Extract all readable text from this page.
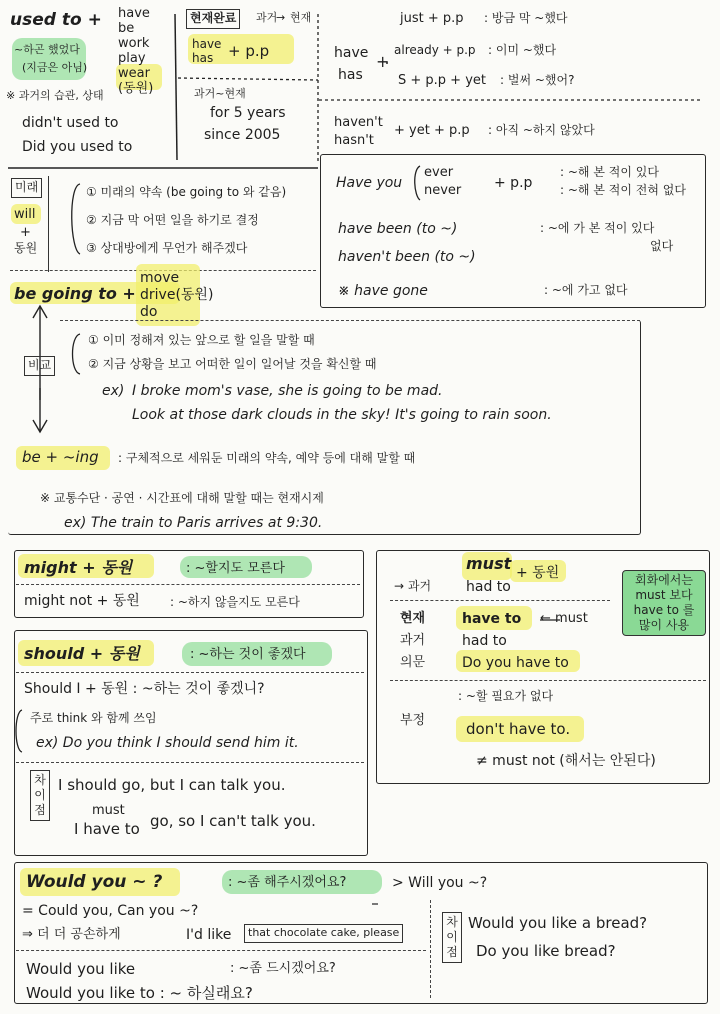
used to + have
be
work
play
wear
(동원)
~하곤 했었다
(지금은 아님)
※ 과거의 습관, 상태
didn't used to
Did you used to
현재완료	과거
→ 현재
have
has + p.p
과거~현재
for 5 years
since 2005
have
has
+
just + p.p : 방금 막 ~했다
already + p.p : 이미 ~했다
S + p.p + yet : 벌써 ~했어?
haven't
hasn't
+ yet + p.p : 아직 ~하지 않았다
Have you
ever
never + p.p
: ~해 본 적이 있다
: ~해 본 적이 전혀 없다
have been (to ~)	: ~에 가 본 적이 있다
haven't been (to ~)
없다
※ have gone	: ~에 가고 없다
미래
will
+
동원
① 미래의 약속 (be going to 와 같음)
② 지금 막 어떤 일을 하기로 결정
③ 상대방에게 무언가 해주겠다
be going to +
move
drive(동원)
do
비교
① 이미 정해져 있는 앞으로 할 일을 말할 때
② 지금 상황을 보고 어떠한 일이 일어날 것을 확신할 때
ex) I broke mom's vase, she is going to be mad.
Look at those dark clouds in the sky! It's going to rain soon.
be + ~ing : 구체적으로 세워둔 미래의 약속, 예약 등에 대해 말할 때
※ 교통수단 · 공연 · 시간표에 대해 말할 때는 현재시제
ex) The train to Paris arrives at 9:30.
might + 동원	: ~할지도 모른다
might not + 동원	: ~하지 않을지도 모른다
must + 동원
→ 과거 had to
현재	have to ← must
과거	had to
의문	Do you have to
: ~할 필요가 없다
부정	don't have to.
≠ must not (해서는 안된다)
회화에서는
must 보다
have to 를
많이 사용
should + 동원	: ~하는 것이 좋겠다
Should I + 동원 : ~하는 것이 좋겠니?
주로 think 와 함께 쓰임
ex) Do you think I should send him it.
차
이
점
I should go, but I can talk you.
must
I have to go, so I can't talk you.
Would you ~ ?	: ~좀 해주시겠어요?	> Will you ~?
= Could you, Can you ~?
⇒ 더 더 공손하게	I'd like	that chocolate cake, please
Would you like	: ~좀 드시겠어요?
Would you like to : ~ 하실래요?
차
이
점
Would you like a bread?
Do you like bread?
